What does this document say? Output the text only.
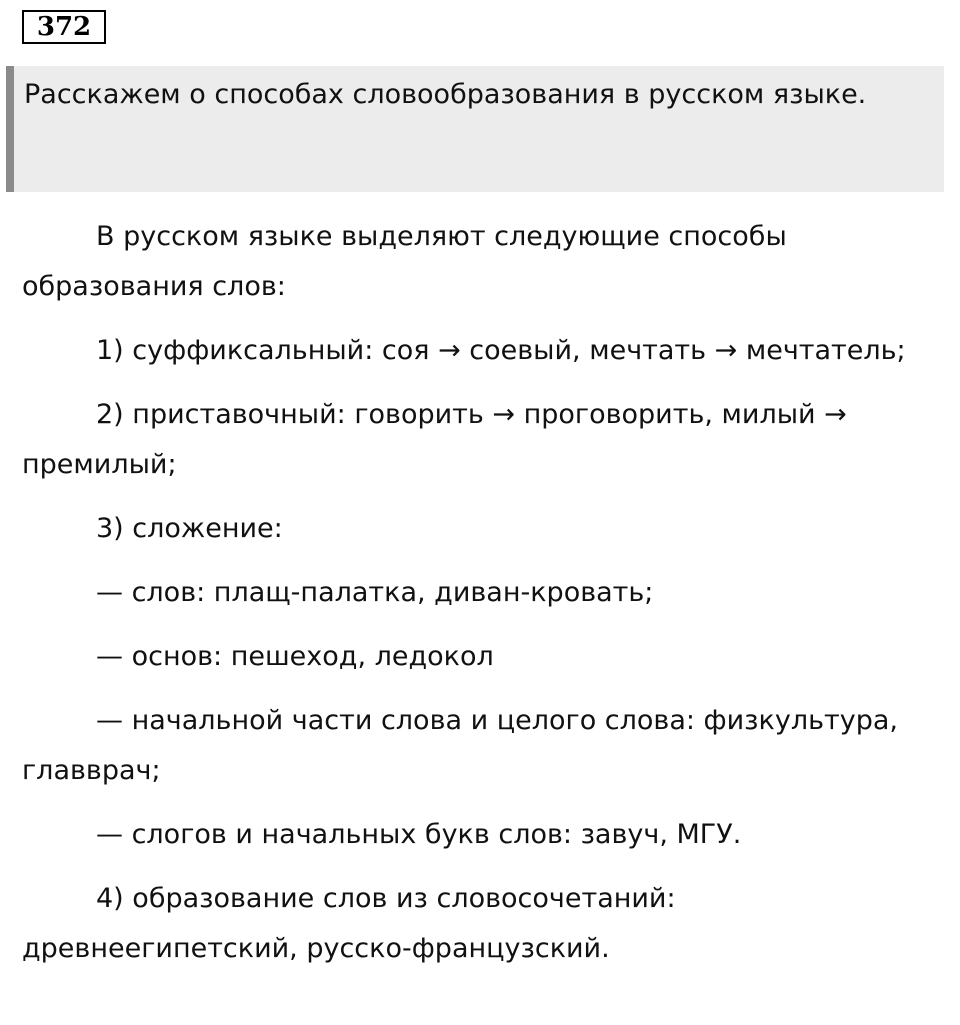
372

Расскажем о способах словообразования в русском языке.

В русском языке выделяют следующие способы образования слов:

1) суффиксальный: соя → соевый, мечтать → мечтатель;

2) приставочный: говорить → проговорить, милый → премилый;

3) сложение:

— слов: плащ-палатка, диван-кровать;

— основ: пешеход, ледокол

— начальной части слова и целого слова: физкультура, главврач;

— слогов и начальных букв слов: завуч, МГУ.

4) образование слов из словосочетаний: древнеегипетский, русско-французский.
